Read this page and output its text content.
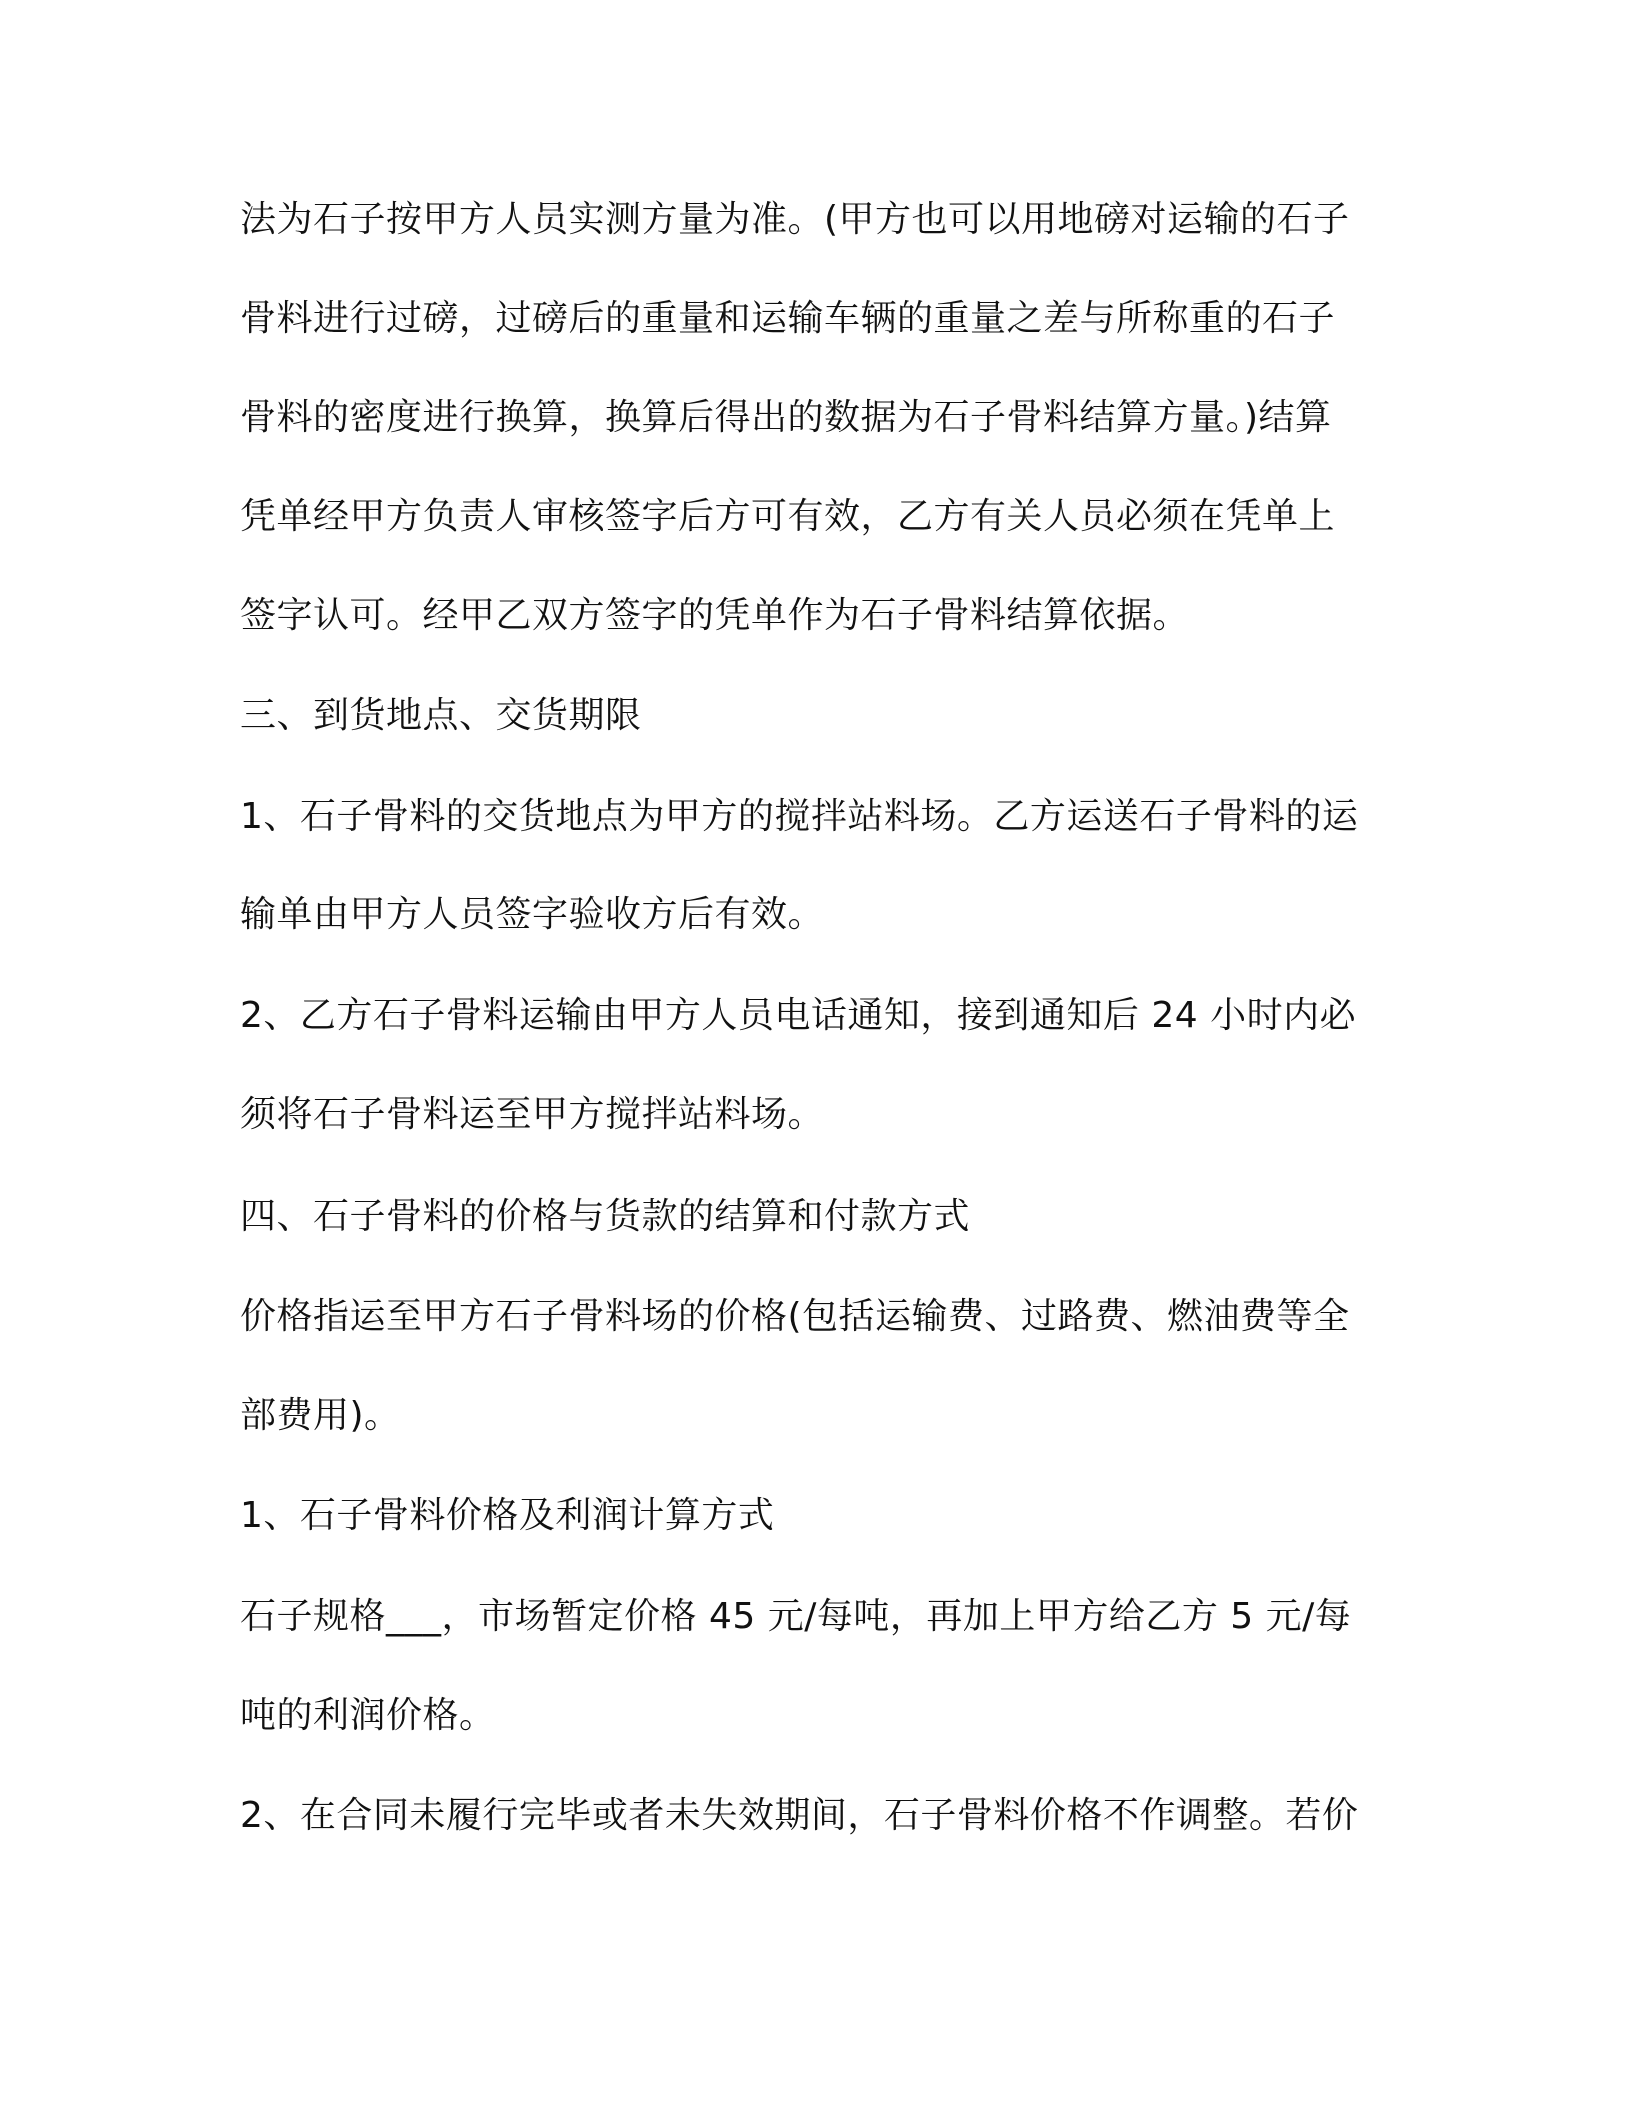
法为石子按甲方人员实测方量为准。(甲方也可以用地磅对运输的石子

骨料进行过磅，过磅后的重量和运输车辆的重量之差与所称重的石子

骨料的密度进行换算，换算后得出的数据为石子骨料结算方量。)结算

凭单经甲方负责人审核签字后方可有效，乙方有关人员必须在凭单上

签字认可。经甲乙双方签字的凭单作为石子骨料结算依据。

三、到货地点、交货期限

1、石子骨料的交货地点为甲方的搅拌站料场。乙方运送石子骨料的运

输单由甲方人员签字验收方后有效。

2、乙方石子骨料运输由甲方人员电话通知，接到通知后 24 小时内必

须将石子骨料运至甲方搅拌站料场。

四、石子骨料的价格与货款的结算和付款方式

价格指运至甲方石子骨料场的价格(包括运输费、过路费、燃油费等全

部费用)。

1、石子骨料价格及利润计算方式

石子规格___，市场暂定价格 45 元/每吨，再加上甲方给乙方 5 元/每

吨的利润价格。

2、在合同未履行完毕或者未失效期间，石子骨料价格不作调整。若价
